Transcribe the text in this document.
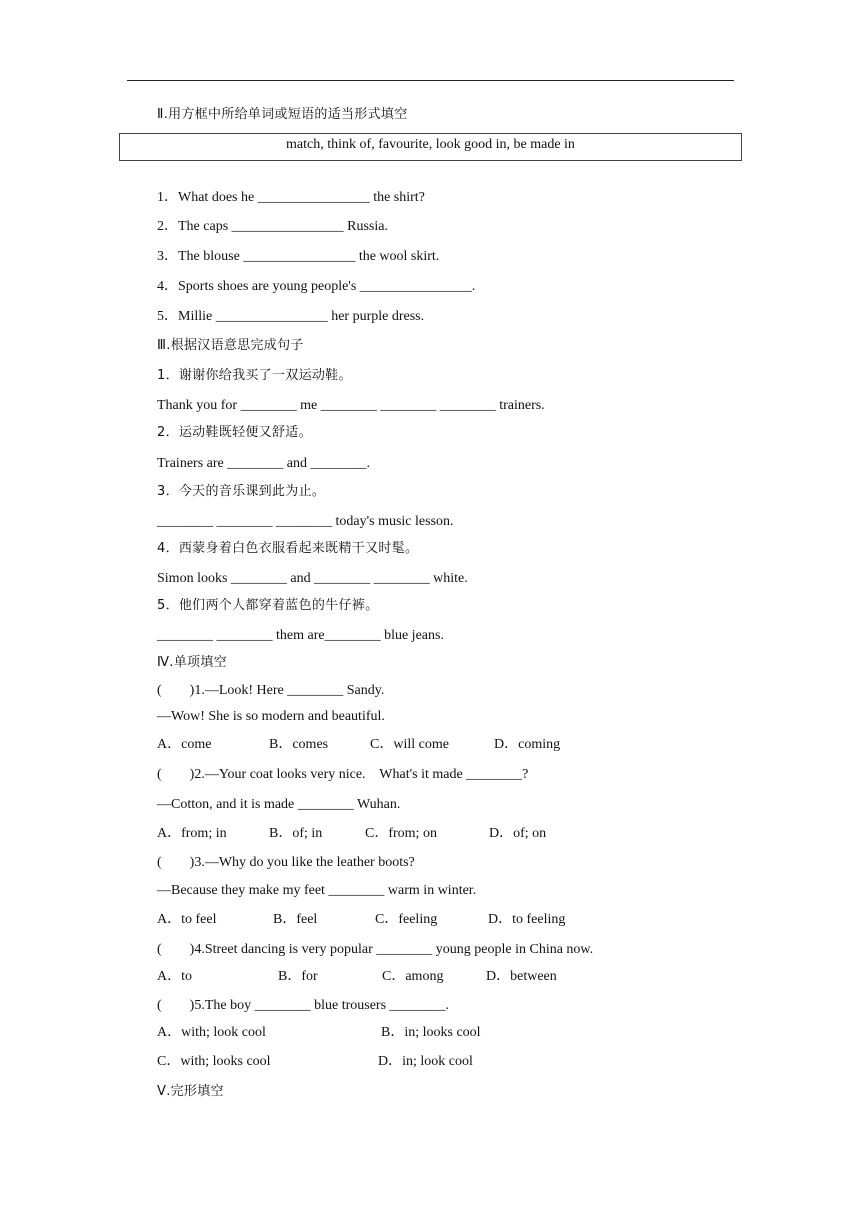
Ⅱ.用方框中所给单词或短语的适当形式填空
match, think of, favourite, look good in, be made in
1．What does he ________________ the shirt?
2．The caps ________________ Russia.
3．The blouse ________________ the wool skirt.
4．Sports shoes are young people's ________________.
5．Millie ________________ her purple dress.
Ⅲ.根据汉语意思完成句子
1．谢谢你给我买了一双运动鞋。
Thank you for ________ me ________ ________ ________ trainers.
2．运动鞋既轻便又舒适。
Trainers are ________ and ________.
3．今天的音乐课到此为止。
________ ________ ________ today's music lesson.
4．西蒙身着白色衣服看起来既精干又时髦。
Simon looks ________ and ________ ________ white.
5．他们两个人都穿着蓝色的牛仔裤。
________ ________ them are________ blue jeans.
Ⅳ.单项填空
(        )1.—Look! Here ________ Sandy.
—Wow! She is so modern and beautiful.
A．come	B．comes	C．will come	D．coming
(        )2.—Your coat looks very nice.    What's it made ________?
—Cotton, and it is made ________ Wuhan.
A．from; in	B．of; in	C．from; on	D．of; on
(        )3.—Why do you like the leather boots?
—Because they make my feet ________ warm in winter.
A．to feel	B．feel	C．feeling	D．to feeling
(        )4.Street dancing is very popular ________ young people in China now.
A．to	B．for	C．among	D．between
(        )5.The boy ________ blue trousers ________.
A．with; look cool	B．in; looks cool
C．with; looks cool	D．in; look cool
Ⅴ.完形填空
